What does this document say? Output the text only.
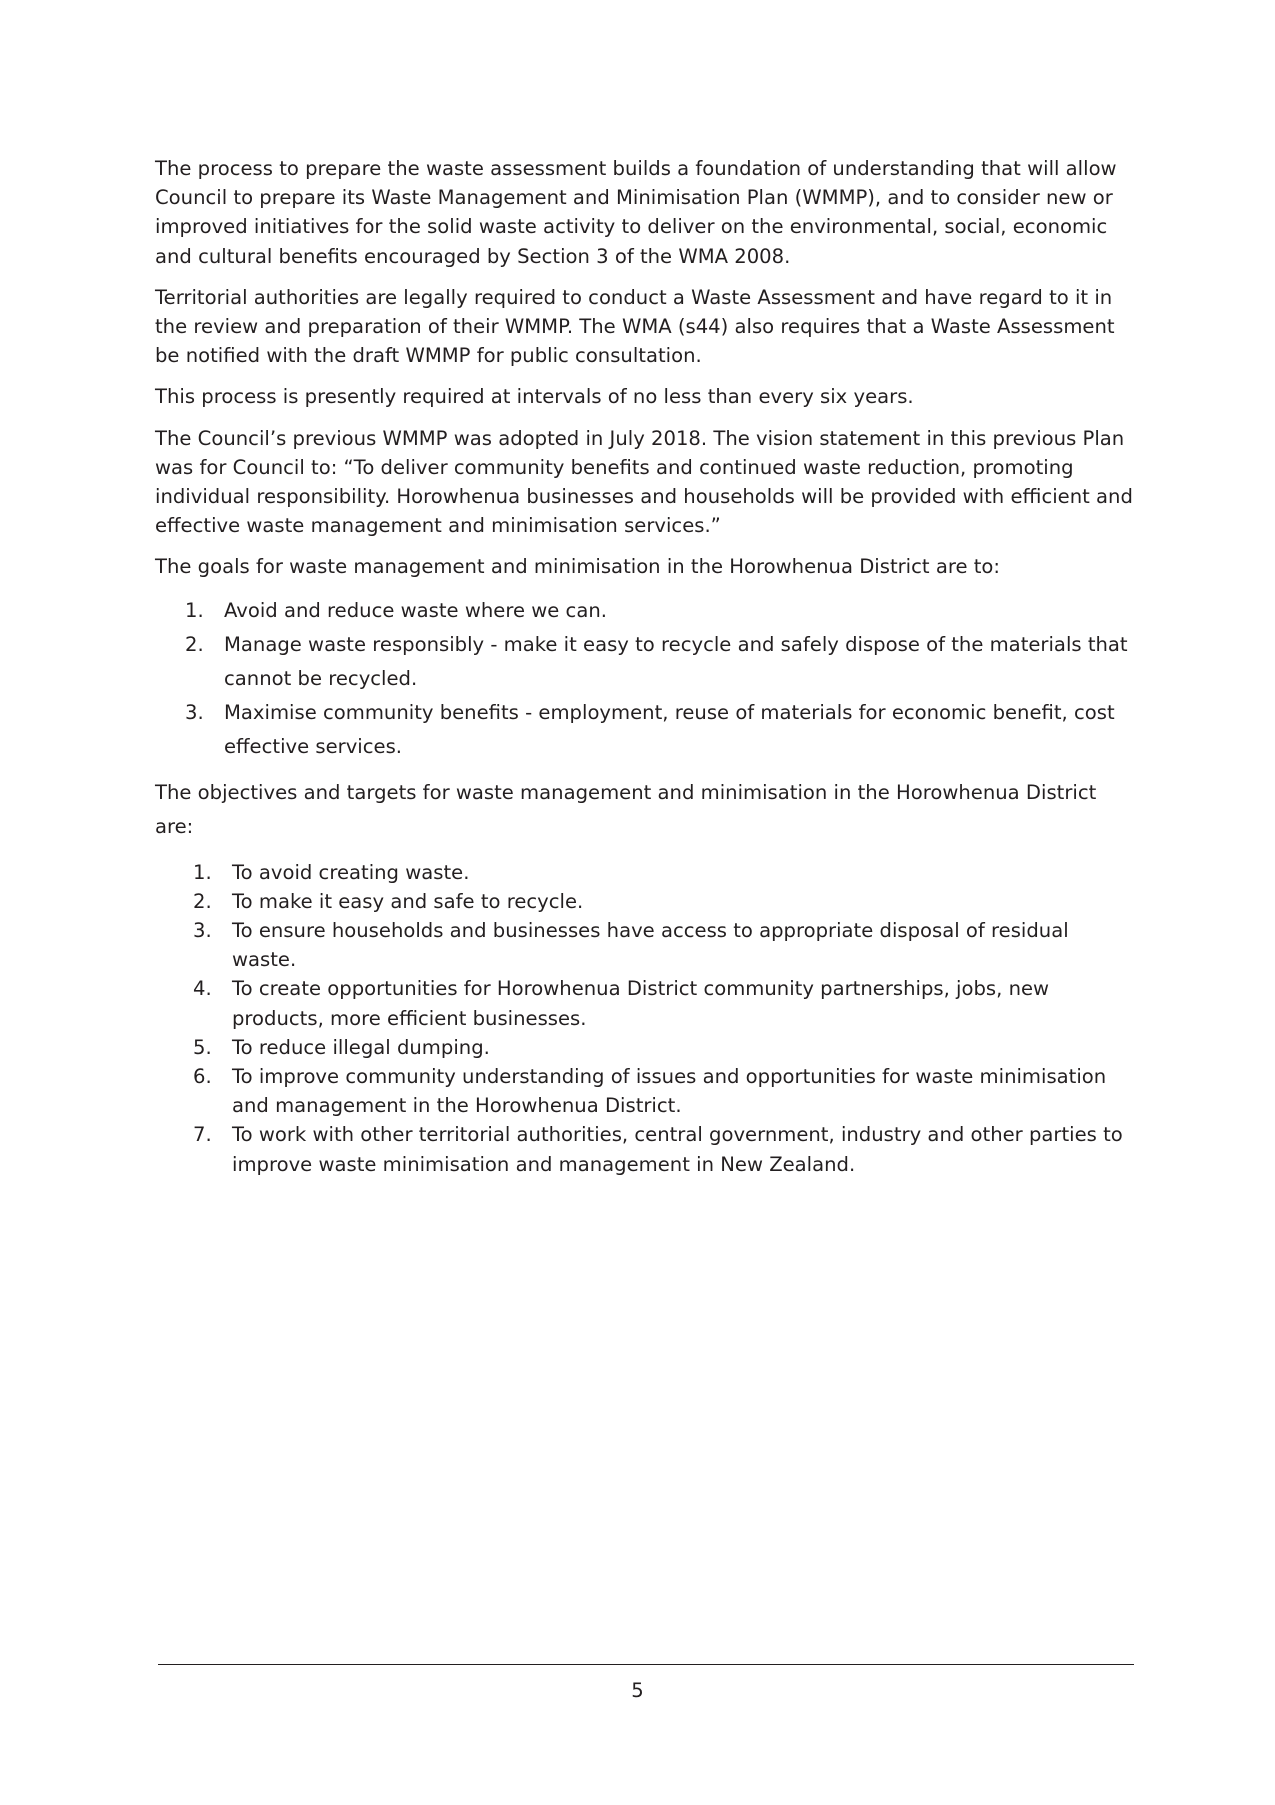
The process to prepare the waste assessment builds a foundation of understanding that will allow Council to prepare its Waste Management and Minimisation Plan (WMMP), and to consider new or improved initiatives for the solid waste activity to deliver on the environmental, social, economic and cultural benefits encouraged by Section 3 of the WMA 2008.

Territorial authorities are legally required to conduct a Waste Assessment and have regard to it in the review and preparation of their WMMP. The WMA (s44) also requires that a Waste Assessment be notified with the draft WMMP for public consultation.

This process is presently required at intervals of no less than every six years.

The Council’s previous WMMP was adopted in July 2018. The vision statement in this previous Plan was for Council to: “To deliver community benefits and continued waste reduction, promoting individual responsibility. Horowhenua businesses and households will be provided with efficient and effective waste management and minimisation services.”

The goals for waste management and minimisation in the Horowhenua District are to:

1. Avoid and reduce waste where we can.
2. Manage waste responsibly - make it easy to recycle and safely dispose of the materials that cannot be recycled.
3. Maximise community benefits - employment, reuse of materials for economic benefit, cost effective services.

The objectives and targets for waste management and minimisation in the Horowhenua District are:

1. To avoid creating waste.
2. To make it easy and safe to recycle.
3. To ensure households and businesses have access to appropriate disposal of residual waste.
4. To create opportunities for Horowhenua District community partnerships, jobs, new products, more efficient businesses.
5. To reduce illegal dumping.
6. To improve community understanding of issues and opportunities for waste minimisation and management in the Horowhenua District.
7. To work with other territorial authorities, central government, industry and other parties to improve waste minimisation and management in New Zealand.
5
